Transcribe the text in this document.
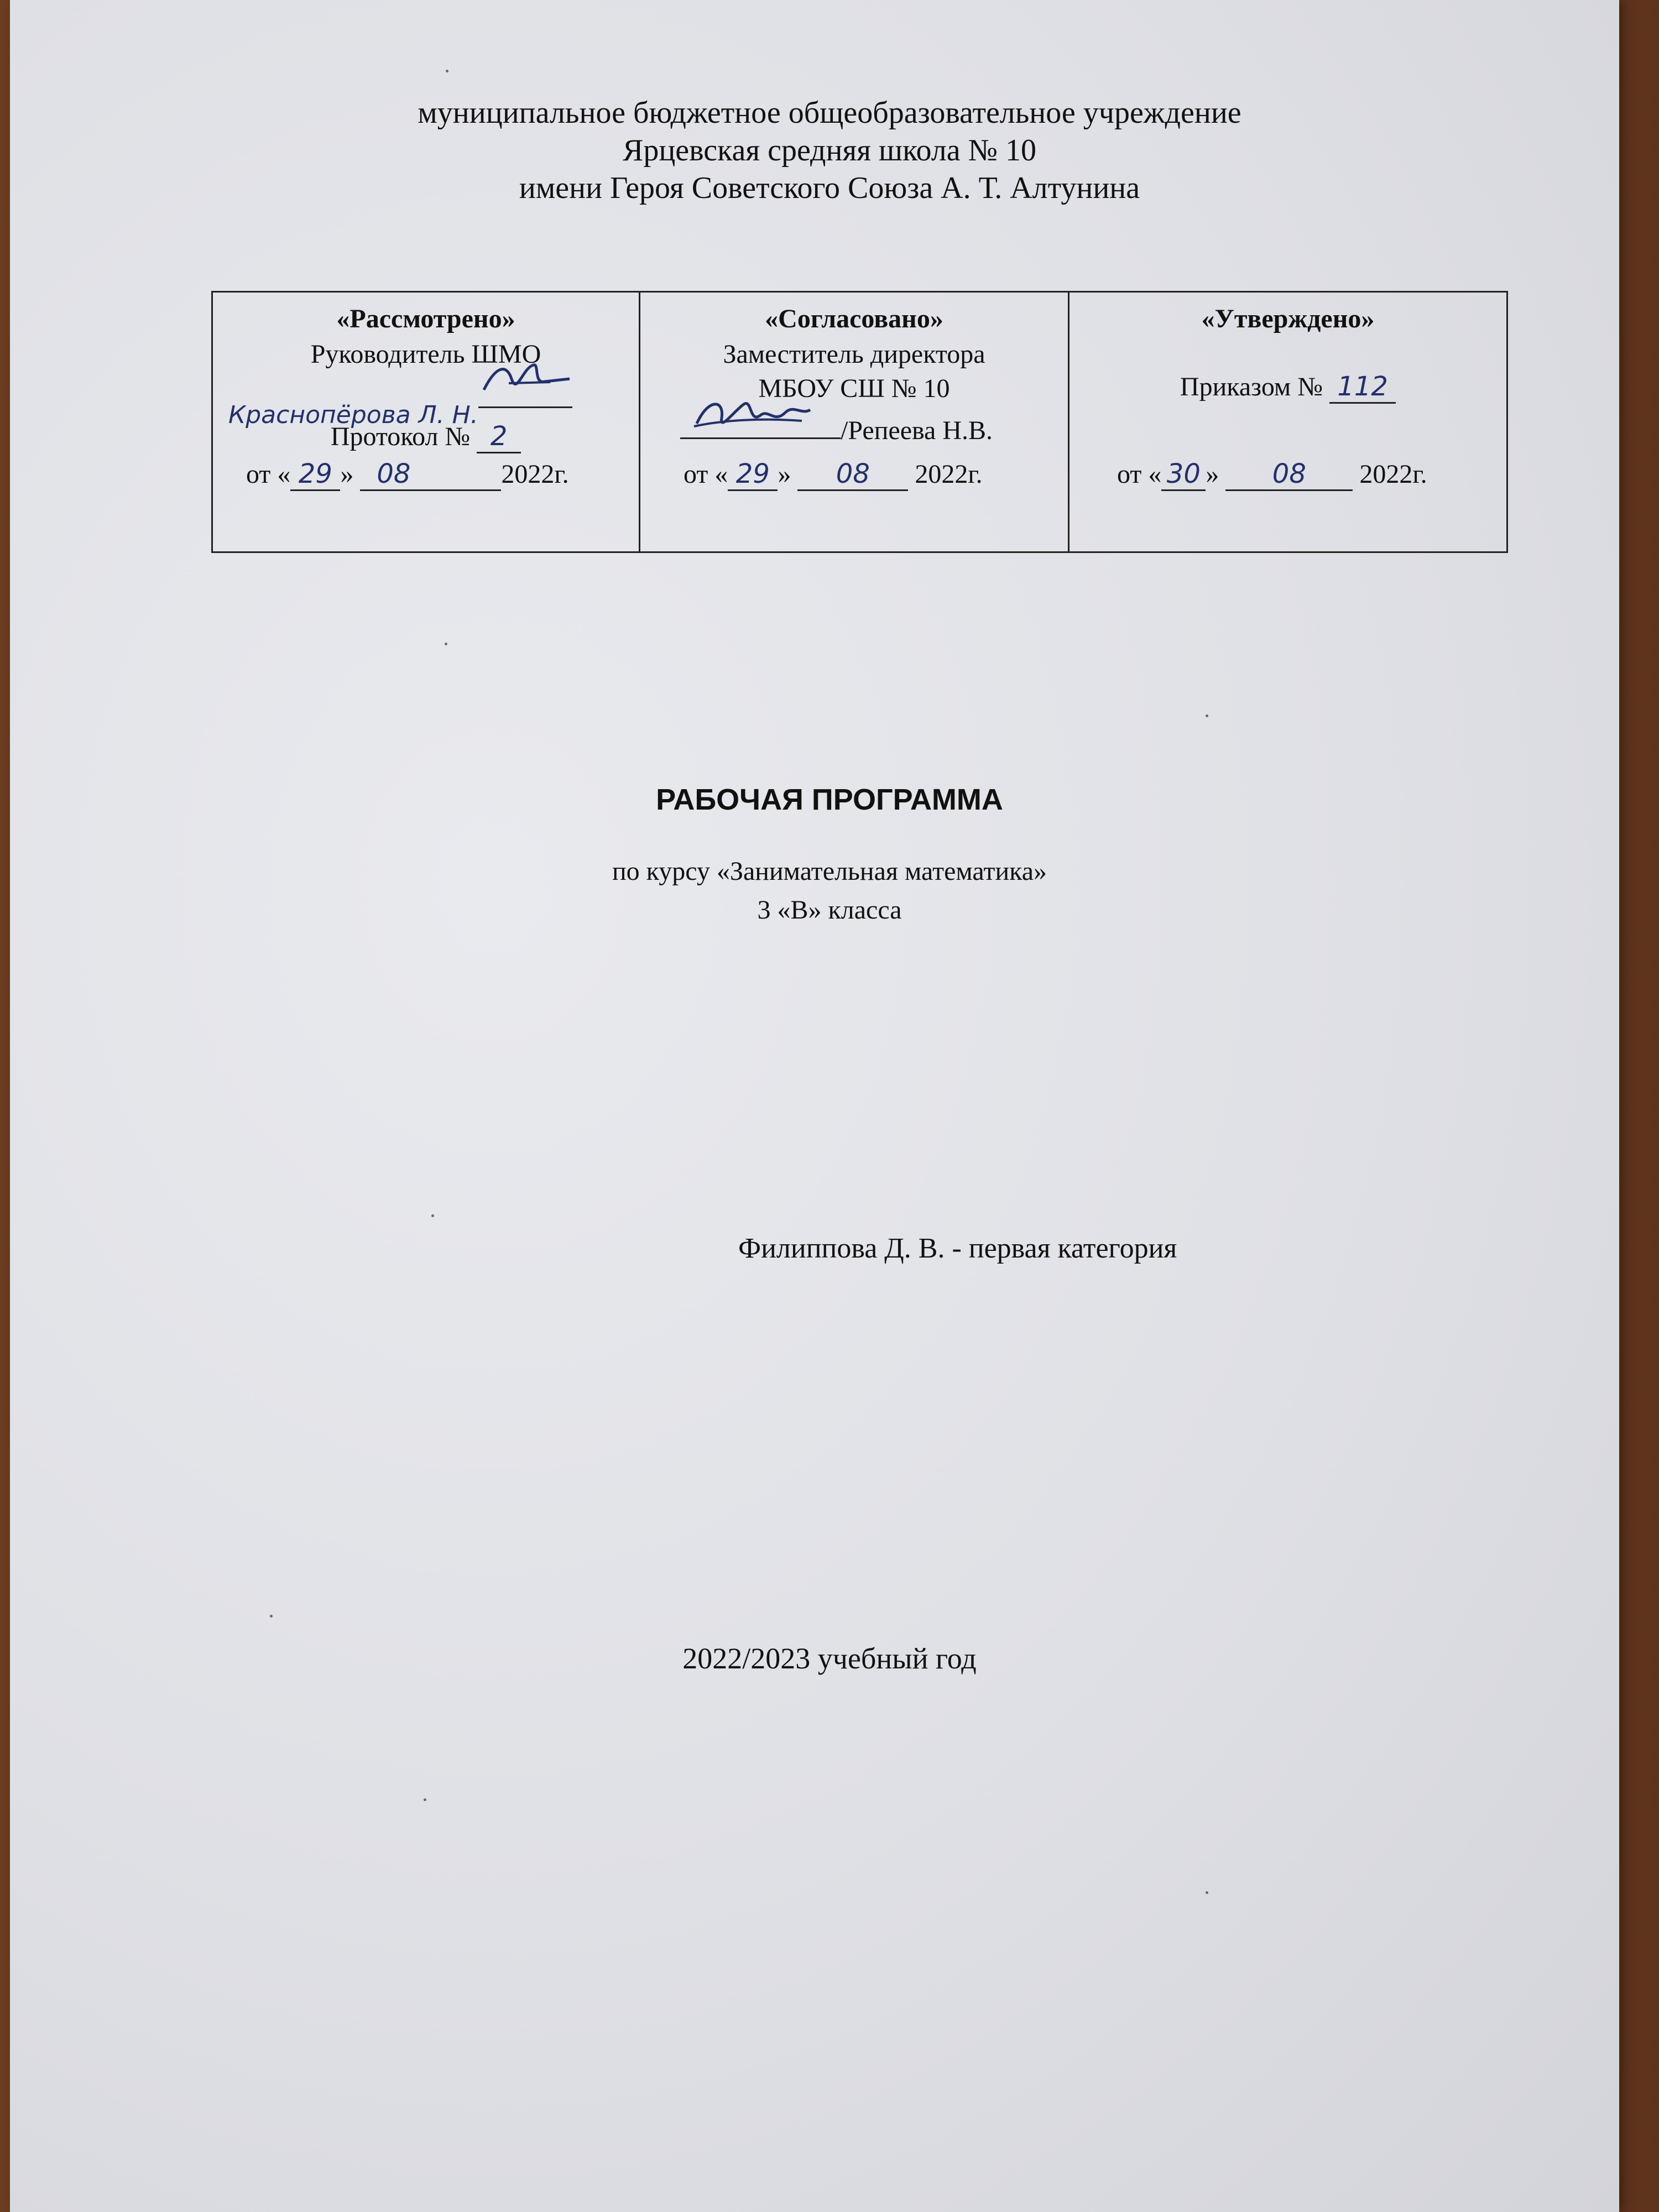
муниципальное бюджетное общеобразовательное учреждение
Ярцевская средняя школа № 10
имени Героя Советского Союза А. Т. Алтунина
«Рассмотрено»
Руководитель ШМО
Краснопёрова Л. Н.
Протокол № 2
от « 29 » 08	2022г.
«Согласовано»
Заместитель директора
МБОУ СШ № 10
/Репеева Н.В.
от « 29 » 08 2022г.
«Утверждено»
Приказом № 112
от « 30 » 08 2022г.
РАБОЧАЯ ПРОГРАММА
по курсу «Занимательная математика»
3 «В» класса
Филиппова Д. В. - первая категория
2022/2023 учебный год
